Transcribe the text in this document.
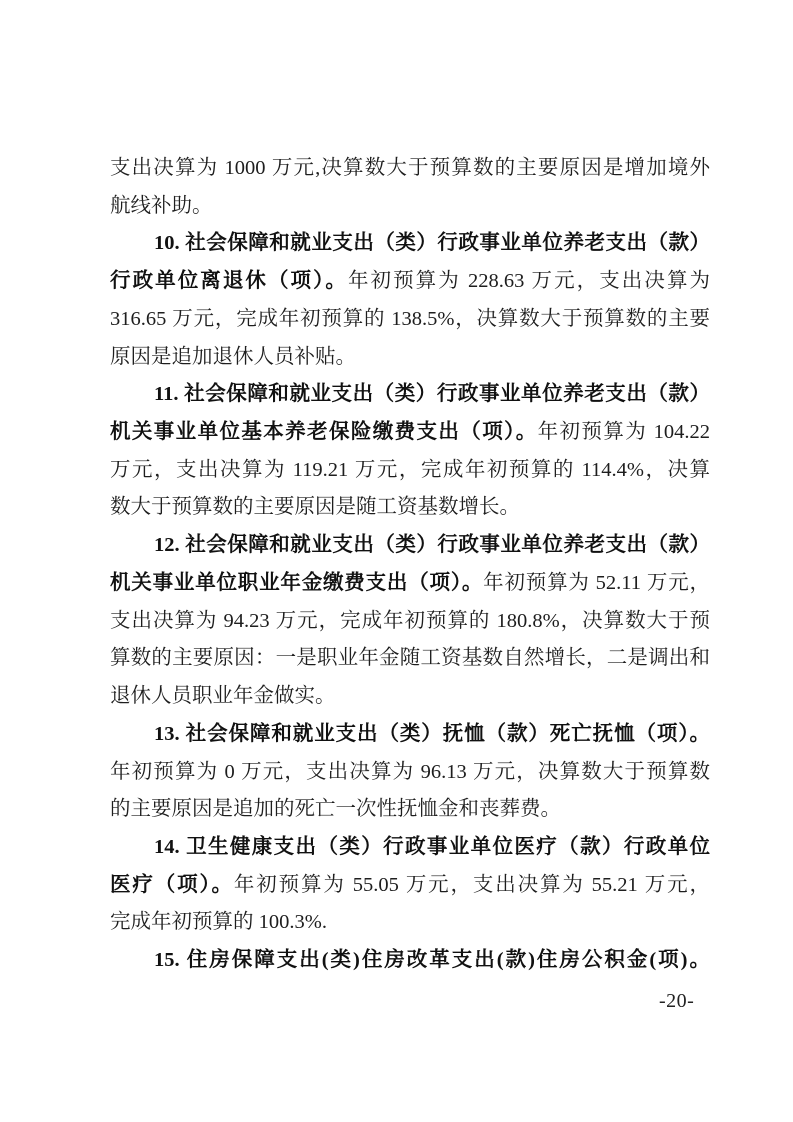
支出决算为 1000 万元,决算数大于预算数的主要原因是增加境外
航线补助。
10. 社会保障和就业支出（类）行政事业单位养老支出（款）
行政单位离退休（项）。年初预算为 228.63 万元，支出决算为
316.65 万元，完成年初预算的 138.5%，决算数大于预算数的主要
原因是追加退休人员补贴。
11. 社会保障和就业支出（类）行政事业单位养老支出（款）
机关事业单位基本养老保险缴费支出（项）。年初预算为 104.22
万元，支出决算为 119.21 万元，完成年初预算的 114.4%，决算
数大于预算数的主要原因是随工资基数增长。
12. 社会保障和就业支出（类）行政事业单位养老支出（款）
机关事业单位职业年金缴费支出（项）。年初预算为 52.11 万元，
支出决算为 94.23 万元，完成年初预算的 180.8%，决算数大于预
算数的主要原因：一是职业年金随工资基数自然增长，二是调出和
退休人员职业年金做实。
13. 社会保障和就业支出（类）抚恤（款）死亡抚恤（项）。
年初预算为 0 万元，支出决算为 96.13 万元，决算数大于预算数
的主要原因是追加的死亡一次性抚恤金和丧葬费。
14. 卫生健康支出（类）行政事业单位医疗（款）行政单位
医疗（项）。年初预算为 55.05 万元，支出决算为 55.21 万元，
完成年初预算的 100.3%.
15. 住房保障支出(类)住房改革支出(款)住房公积金(项)。
-20-
